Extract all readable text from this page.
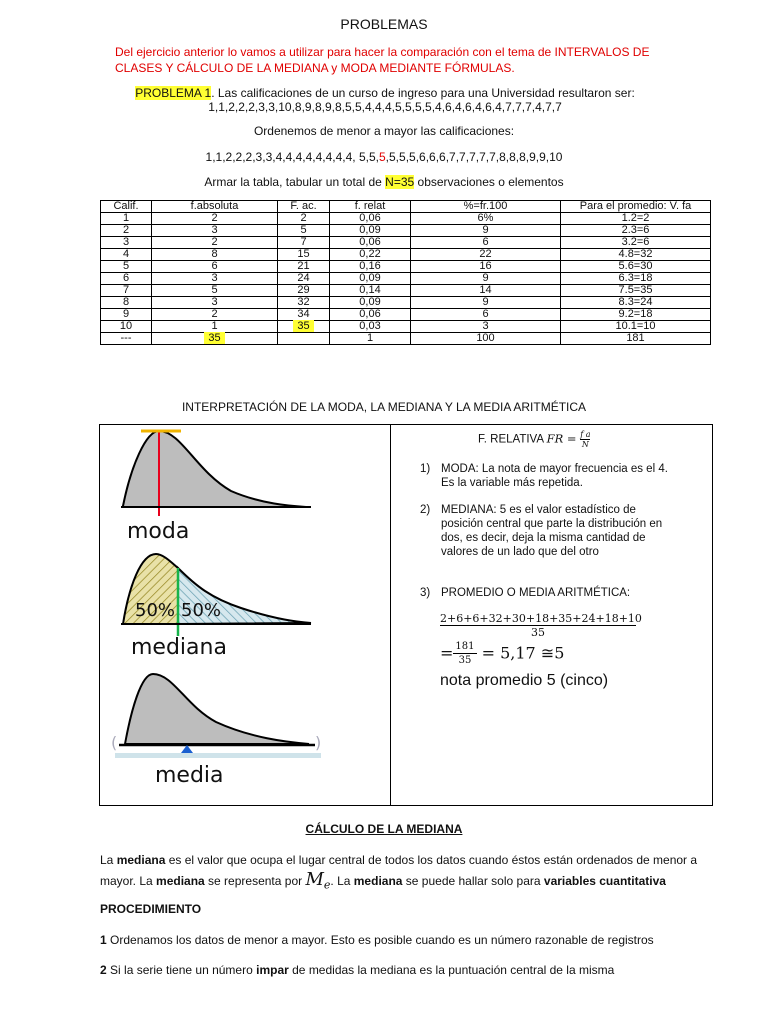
PROBLEMAS
Del ejercicio anterior lo vamos a utilizar para hacer la comparación con el tema de INTERVALOS DE CLASES Y CÁLCULO DE LA MEDIANA y MODA MEDIANTE FÓRMULAS.
PROBLEMA 1. Las calificaciones de un curso de ingreso para una Universidad resultaron ser:
1,1,2,2,2,3,3,10,8,9,8,9,8,5,5,4,4,4,5,5,5,5,4,6,4,6,4,6,4,7,7,7,4,7,7
Ordenemos de menor a mayor las calificaciones:
1,1,2,2,2,3,3,4,4,4,4,4,4,4,4, 5,5,5,5,5,5,6,6,6,7,7,7,7,7,8,8,8,9,9,10
Armar la tabla, tabular un total de N=35 observaciones o elementos
Calif.	f.absoluta	F. ac.	f. relat	%=fr.100	Para el promedio: V. fa
1	2	2	0,06	6%	1.2=2
2	3	5	0,09	9	2.3=6
3	2	7	0,06	6	3.2=6
4	8	15	0,22	22	4.8=32
5	6	21	0,16	16	5.6=30
6	3	24	0,09	9	6.3=18
7	5	29	0,14	14	7.5=35
8	3	32	0,09	9	8.3=24
9	2	34	0,06	6	9.2=18
10	1	35	0,03	3	10.1=10
---	35		1	100	181
INTERPRETACIÓN DE LA MODA, LA MEDIANA Y LA MEDIA ARITMÉTICA
moda
50% 50%
mediana
(	)
media
F. RELATIVA FR = $\frac{\text{f a}}{N}$
1) MODA: La nota de mayor frecuencia es el 4. Es la variable más repetida.
2) MEDIANA: 5 es el valor estadístico de posición central que parte la distribución en dos, es decir, deja la misma cantidad de valores de un lado que del otro
3) PROMEDIO O MEDIA ARITMÉTICA:
$\frac{2+6+6+32+30+18+35+24+18+10}{35}$
= $\frac{181}{35} = 5,17$ ≅5
nota promedio 5 (cinco)
CÁLCULO DE LA MEDIANA
La mediana es el valor que ocupa el lugar central de todos los datos cuando éstos están ordenados de menor a mayor. La mediana se representa por $M_e$. La mediana se puede hallar solo para variables cuantitativa
PROCEDIMIENTO
1 Ordenamos los datos de menor a mayor. Esto es posible cuando es un número razonable de registros
2 Si la serie tiene un número impar de medidas la mediana es la puntuación central de la misma
